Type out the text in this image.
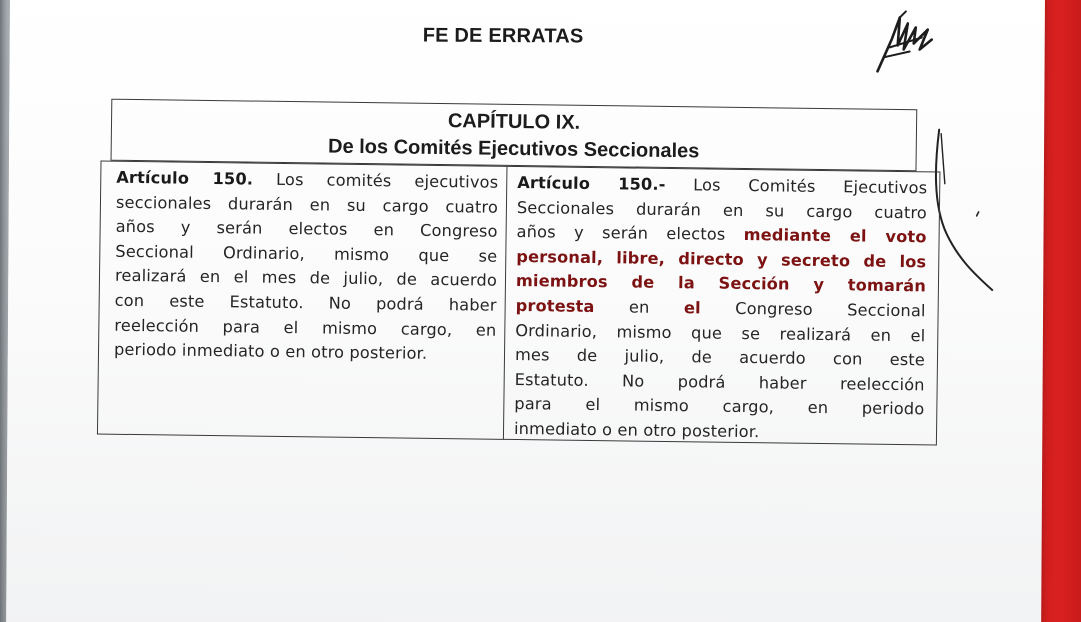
FE DE ERRATAS
CAPÍTULO IX.
De los Comités Ejecutivos Seccionales
Artículo 150. Los comités ejecutivos
seccionales durarán en su cargo cuatro
años y serán electos en Congreso
Seccional Ordinario, mismo que se
realizará en el mes de julio, de acuerdo
con este Estatuto. No podrá haber
reelección para el mismo cargo, en
periodo inmediato o en otro posterior.
Artículo 150.- Los Comités Ejecutivos
Seccionales durarán en su cargo cuatro
años y serán electos mediante el voto
personal, libre, directo y secreto de los
miembros de la Sección y tomarán
protesta en el Congreso Seccional
Ordinario, mismo que se realizará en el
mes de julio, de acuerdo con este
Estatuto. No podrá haber reelección
para el mismo cargo, en periodo
inmediato o en otro posterior.
